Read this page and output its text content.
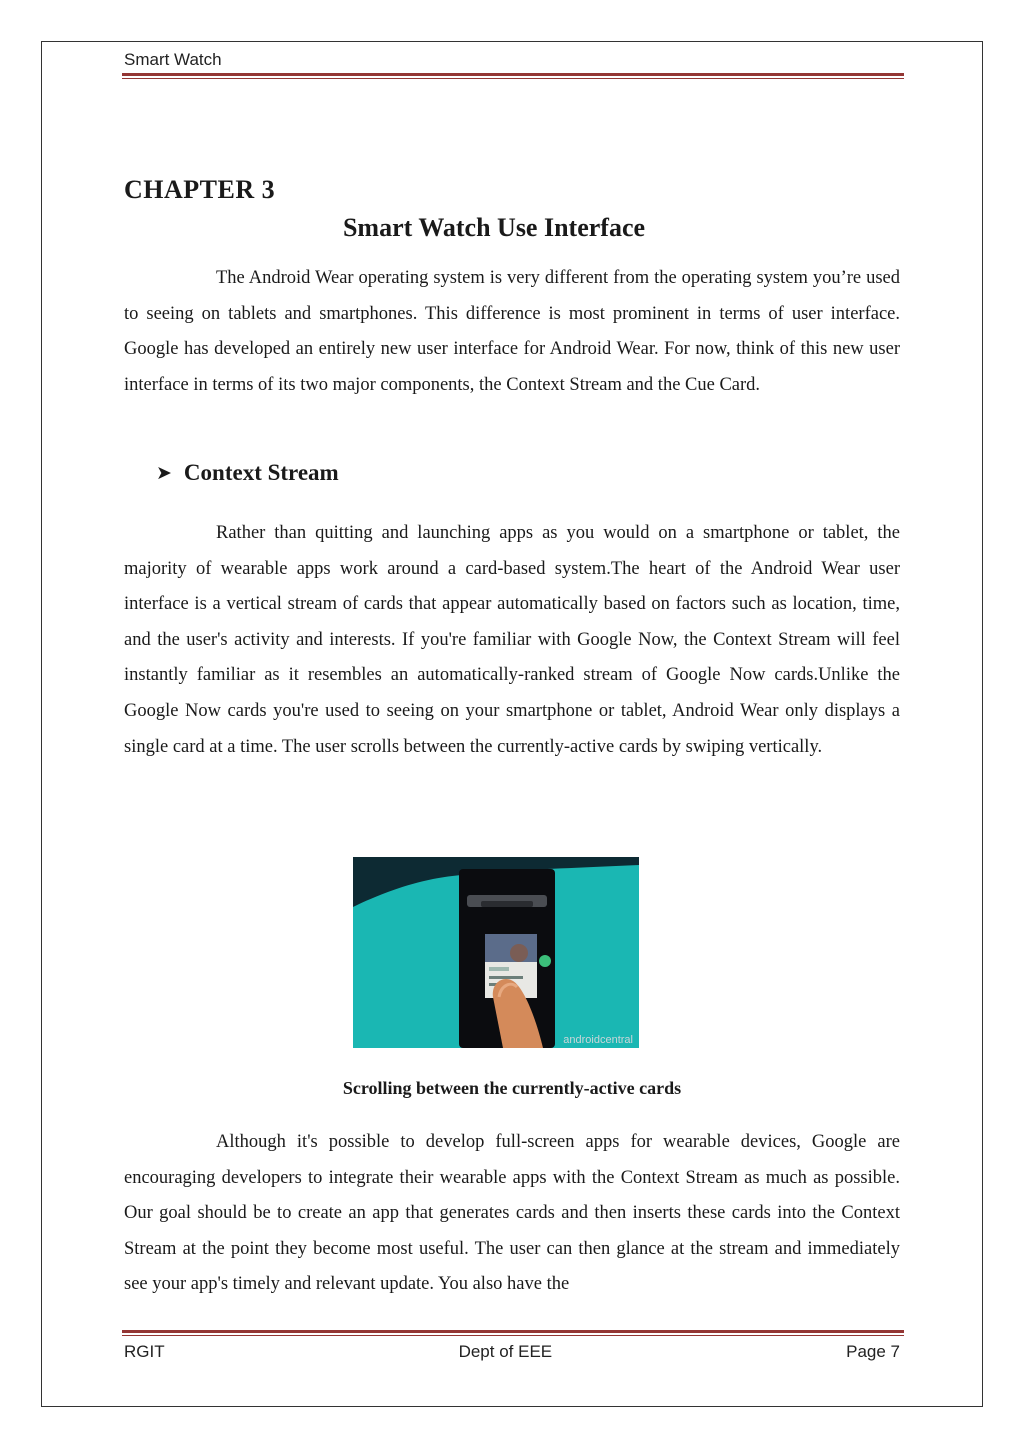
Smart Watch
CHAPTER 3
Smart Watch Use Interface

The Android Wear operating system is very different from the operating system you’re used to seeing on tablets and smartphones. This difference is most prominent in terms of user interface. Google has developed an entirely new user interface for Android Wear. For now, think of this new user interface in terms of its two major components, the Context Stream and the Cue Card.

➤ Context Stream

Rather than quitting and launching apps as you would on a smartphone or tablet, the majority of wearable apps work around a card-based system.The heart of the Android Wear user interface is a vertical stream of cards that appear automatically based on factors such as location, time, and the user's activity and interests. If you're familiar with Google Now, the Context Stream will feel instantly familiar as it resembles an automatically-ranked stream of Google Now cards.Unlike the Google Now cards you're used to seeing on your smartphone or tablet, Android Wear only displays a single card at a time. The user scrolls between the currently-active cards by swiping vertically.

androidcentral

Scrolling between the currently-active cards

Although it's possible to develop full-screen apps for wearable devices, Google are encouraging developers to integrate their wearable apps with the Context Stream as much as possible. Our goal should be to create an app that generates cards and then inserts these cards into the Context Stream at the point they become most useful. The user can then glance at the stream and immediately see your app's timely and relevant update. You also have the

RGIT	Dept of EEE	Page 7
